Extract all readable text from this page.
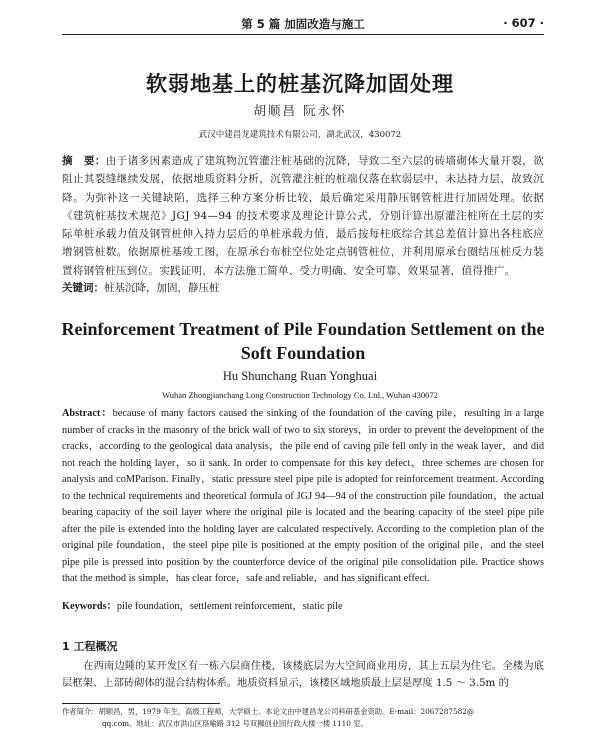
第 5 篇 加固改造与施工	· 607 ·
软弱地基上的桩基沉降加固处理
胡顺昌 阮永怀
武汉中建昌龙建筑技术有限公司，湖北武汉，430072
摘　要：由于诸多因素造成了建筑物沉管灌注桩基础的沉降，导致二至六层的砖墙砌体大量开裂，欲阻止其裂缝继续发展，依据地质资料分析，沉管灌注桩的桩端仅落在软弱层中，未达持力层，故致沉降。为弥补这一关键缺陷，选择三种方案分析比较，最后确定采用静压钢管桩进行加固处理。依据《建筑桩基技术规范》JGJ 94—94 的技术要求及理论计算公式，分别计算出原灌注桩所在土层的实际单桩承载力值及钢管桩伸入持力层后的单桩承载力值，最后按每柱底综合其总差值计算出各柱底应增钢管桩数。依据原桩基竣工图，在原承台布桩空位处定点钢管桩位，并利用原承台圈结压桩反力装置将钢管桩压到位。实践证明，本方法施工简单、受力明确、安全可靠、效果显著，值得推广。
关键词：桩基沉降，加固，静压桩
Reinforcement Treatment of Pile Foundation Settlement on the Soft Foundation
Hu Shunchang Ruan Yonghuai
Wuhan Zhongjianchang Long Construction Technology Co. Ltd., Wuhan 430072
Abstract：because of many factors caused the sinking of the foundation of the caving pile，resulting in a large number of cracks in the masonry of the brick wall of two to six storeys，in order to prevent the development of the cracks，according to the geological data analysis，the pile end of caving pile fell only in the weak layer，and did not reach the holding layer，so it sank. In order to compensate for this key defect，three schemes are chosen for analysis and coMParison. Finally，static pressure steel pipe pile is adopted for reinforcement treatment. According to the technical requirements and theoretical formula of JGJ 94—94 of the construction pile foundation，the actual bearing capacity of the soil layer where the original pile is located and the bearing capacity of the steel pipe pile after the pile is extended into the holding layer are calculated respectively. According to the completion plan of the original pile foundation，the steel pipe pile is positioned at the empty position of the original pile，and the steel pipe pile is pressed into position by the counterforce device of the original pile consolidation pile. Practice shows that the method is simple，has clear force，safe and reliable，and has significant effect.
Keywords：pile foundation，settlement reinforcement，static pile
1 工程概况
在西南边陲的某开发区有一栋六层商住楼，该楼底层为大空间商业用房，其上五层为住宅。全楼为底层框架、上部砖砌体的混合结构体系。地质资料显示，该楼区域地质最上层是厚度 1.5 ～ 3.5m 的
作者简介：胡顺昌，男，1979 年生，高级工程师，大学硕士。本论文由中建昌龙公司科研基金资助。E-mail：2067287582@
qq.com。地址：武汉市洪山区珞喻路 312 号双狮创业园行政大楼一楼 1110 室。
